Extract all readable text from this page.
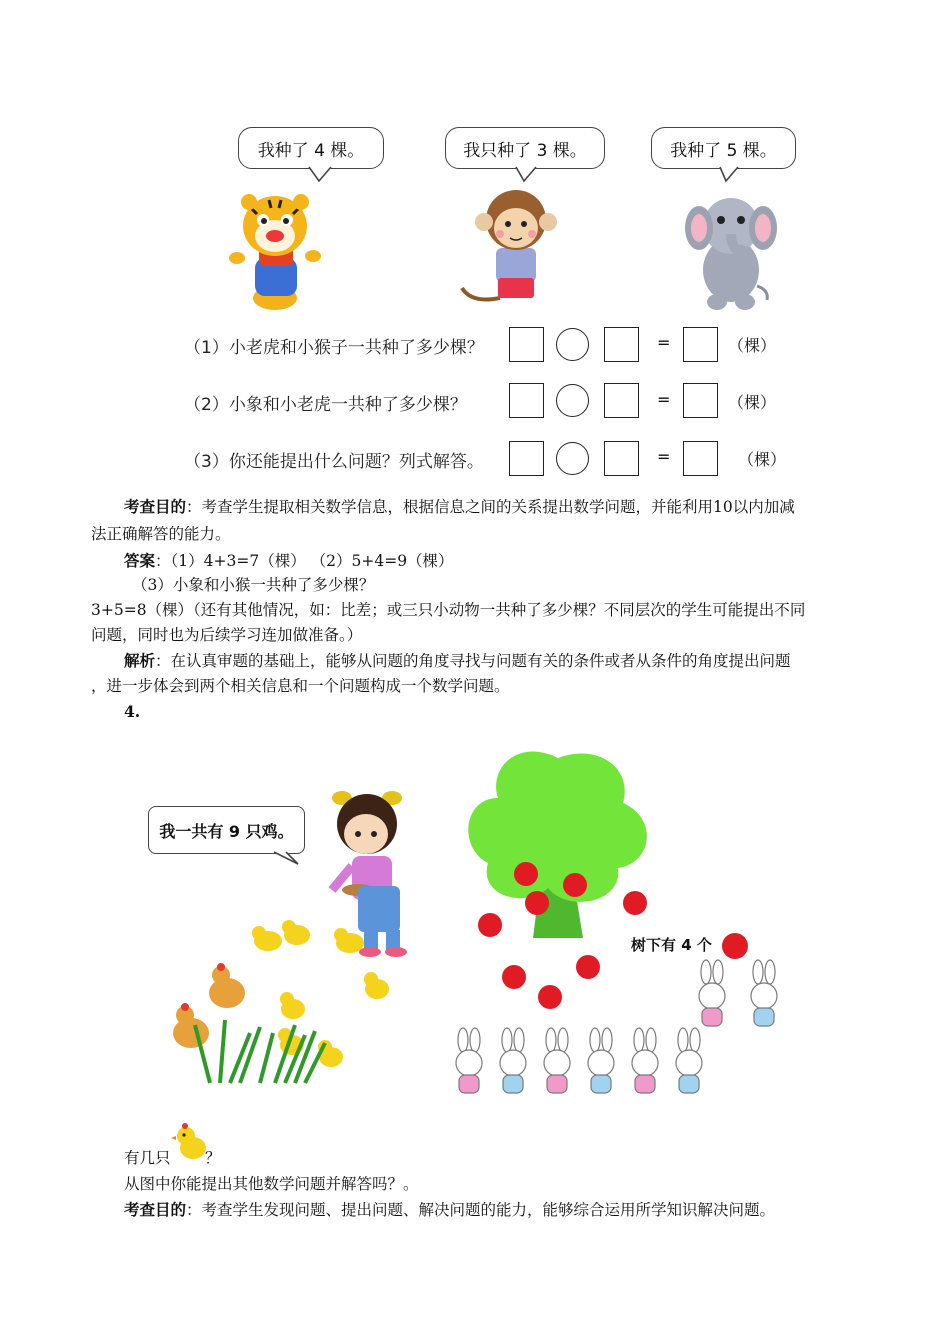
我种了 4 棵。	我只种了 3 棵。	我种了 5 棵。
（1）小老虎和小猴子一共种了多少棵？	=	（棵）
（2）小象和小老虎一共种了多少棵？	=	（棵）
（3）你还能提出什么问题？列式解答。	=	（棵）
考查目的：考查学生提取相关数学信息，根据信息之间的关系提出数学问题，并能利用10以内加减
法正确解答的能力。
答案：（1）4+3=7（棵） （2）5+4=9（棵）
（3）小象和小猴一共种了多少棵？
3+5=8（棵）（还有其他情况，如：比差；或三只小动物一共种了多少棵？不同层次的学生可能提出不同
问题，同时也为后续学习连加做准备。）
解析：在认真审题的基础上，能够从问题的角度寻找与问题有关的条件或者从条件的角度提出问题
，进一步体会到两个相关信息和一个问题构成一个数学问题。
4.
我一共有 9 只鸡。
树下有 4 个
有几只 ？
从图中你能提出其他数学问题并解答吗？。
考查目的：考查学生发现问题、提出问题、解决问题的能力，能够综合运用所学知识解决问题。
